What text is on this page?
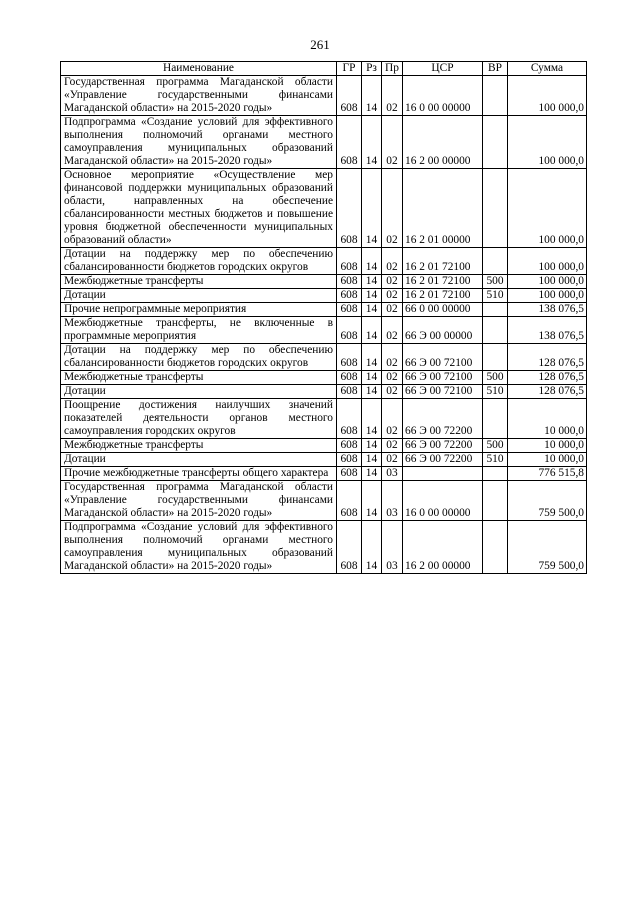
261
Наименование	ГР	Рз	Пр	ЦСР	ВР	Сумма

Государственная программа Магаданской области «Управление государственными финансами Магаданской области» на 2015-2020 годы»	608	14	02	16 0 00 00000		100 000,0

Подпрограмма «Создание условий для эффективного выполнения полномочий органами местного самоуправления муниципальных образований Магаданской области» на 2015-2020 годы»	608	14	02	16 2 00 00000		100 000,0

Основное мероприятие «Осуществление мер финансовой поддержки муниципальных образований области, направленных на обеспечение сбалансированности местных бюджетов и повышение уровня бюджетной обеспеченности муниципальных образований области»	608	14	02	16 2 01 00000		100 000,0

Дотации на поддержку мер по обеспечению сбалансированности бюджетов городских округов	608	14	02	16 2 01 72100		100 000,0

Межбюджетные трансферты	608	14	02	16 2 01 72100	500	100 000,0

Дотации	608	14	02	16 2 01 72100	510	100 000,0

Прочие непрограммные мероприятия	608	14	02	66 0 00 00000		138 076,5

Межбюджетные трансферты, не включенные в программные мероприятия	608	14	02	66 Э 00 00000		138 076,5

Дотации на поддержку мер по обеспечению сбалансированности бюджетов городских округов	608	14	02	66 Э 00 72100		128 076,5

Межбюджетные трансферты	608	14	02	66 Э 00 72100	500	128 076,5

Дотации	608	14	02	66 Э 00 72100	510	128 076,5

Поощрение достижения наилучших значений показателей деятельности органов местного самоуправления городских округов	608	14	02	66 Э 00 72200		10 000,0

Межбюджетные трансферты	608	14	02	66 Э 00 72200	500	10 000,0

Дотации	608	14	02	66 Э 00 72200	510	10 000,0

Прочие межбюджетные трансферты общего характера	608	14	03			776 515,8

Государственная программа Магаданской области «Управление государственными финансами Магаданской области» на 2015-2020 годы»	608	14	03	16 0 00 00000		759 500,0

Подпрограмма «Создание условий для эффективного выполнения полномочий органами местного самоуправления муниципальных образований Магаданской области» на 2015-2020 годы»	608	14	03	16 2 00 00000		759 500,0
